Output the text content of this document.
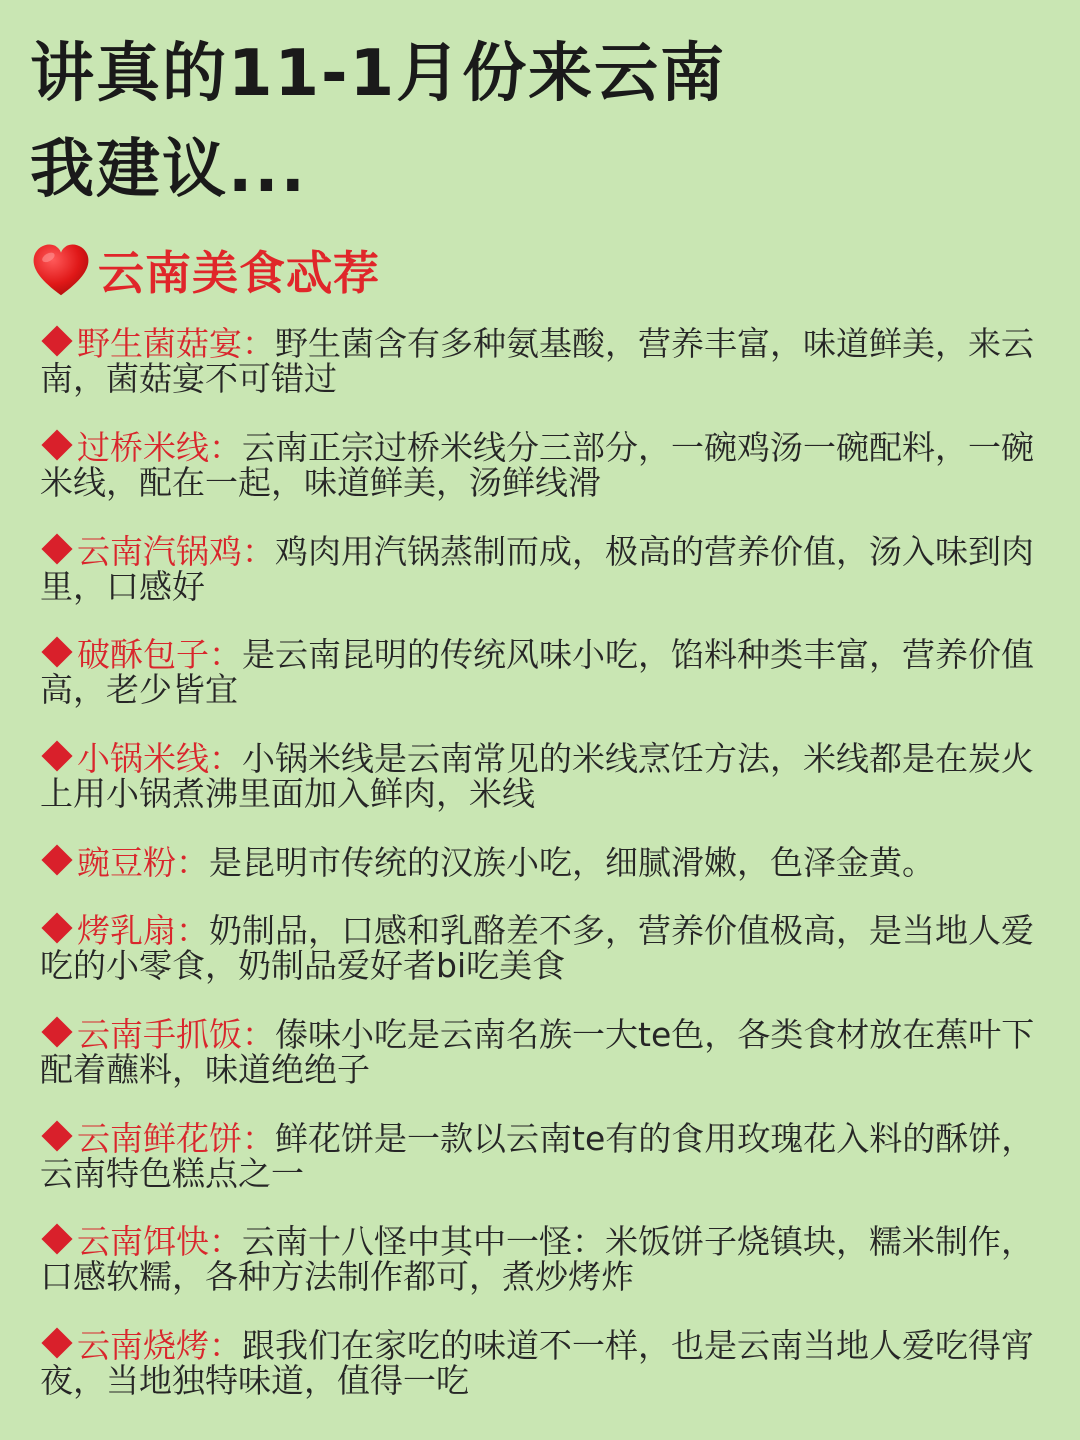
讲真的11-1月份来云南
我建议...
云南美食忒荐
野生菌菇宴：野生菌含有多种氨基酸，营养丰富，味道鲜美，来云南，菌菇宴不可错过
过桥米线：云南正宗过桥米线分三部分，一碗鸡汤一碗配料，一碗米线，配在一起，味道鲜美，汤鲜线滑
云南汽锅鸡：鸡肉用汽锅蒸制而成，极高的营养价值，汤入味到肉里，口感好
破酥包子：是云南昆明的传统风味小吃，馅料种类丰富，营养价值高，老少皆宜
小锅米线：小锅米线是云南常见的米线烹饪方法，米线都是在炭火上用小锅煮沸里面加入鲜肉，米线
豌豆粉：是昆明市传统的汉族小吃，细腻滑嫩，色泽金黄。
烤乳扇：奶制品，口感和乳酪差不多，营养价值极高，是当地人爱吃的小零食，奶制品爱好者bi吃美食
云南手抓饭：傣味小吃是云南名族一大te色，各类食材放在蕉叶下配着蘸料，味道绝绝子
云南鲜花饼：鲜花饼是一款以云南te有的食用玫瑰花入料的酥饼，云南特色糕点之一
云南饵快：云南十八怪中其中一怪：米饭饼子烧镇块，糯米制作，口感软糯，各种方法制作都可，煮炒烤炸
云南烧烤：跟我们在家吃的味道不一样，也是云南当地人爱吃得宵夜，当地独特味道，值得一吃
